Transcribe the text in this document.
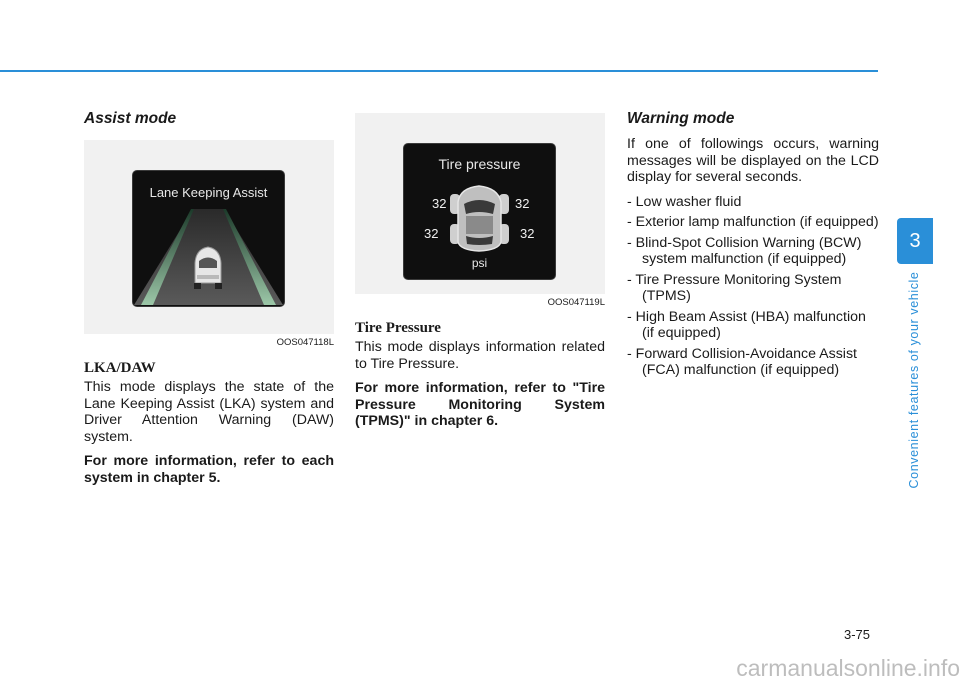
Assist mode
Lane Keeping Assist
OOS047118L
LKA/DAW

This mode displays the state of the Lane Keeping Assist (LKA) system and Driver Attention Warning (DAW) system.

For more information, refer to each system in chapter 5.

Tire pressure
32	32
32	32
psi
OOS047119L
Tire Pressure

This mode displays information related to Tire Pressure.

For more information, refer to "Tire Pressure Monitoring System (TPMS)" in chapter 6.

Warning mode

If one of followings occurs, warning messages will be displayed on the LCD display for several seconds.

- Low washer fluid
- Exterior lamp malfunction (if equipped)
- Blind-Spot Collision Warning (BCW) system malfunction (if equipped)
- Tire Pressure Monitoring System (TPMS)
- High Beam Assist (HBA) malfunction (if equipped)
- Forward Collision-Avoidance Assist (FCA) malfunction (if equipped)
3
Convenient features of your vehicle
3-75
carmanualsonline.info
